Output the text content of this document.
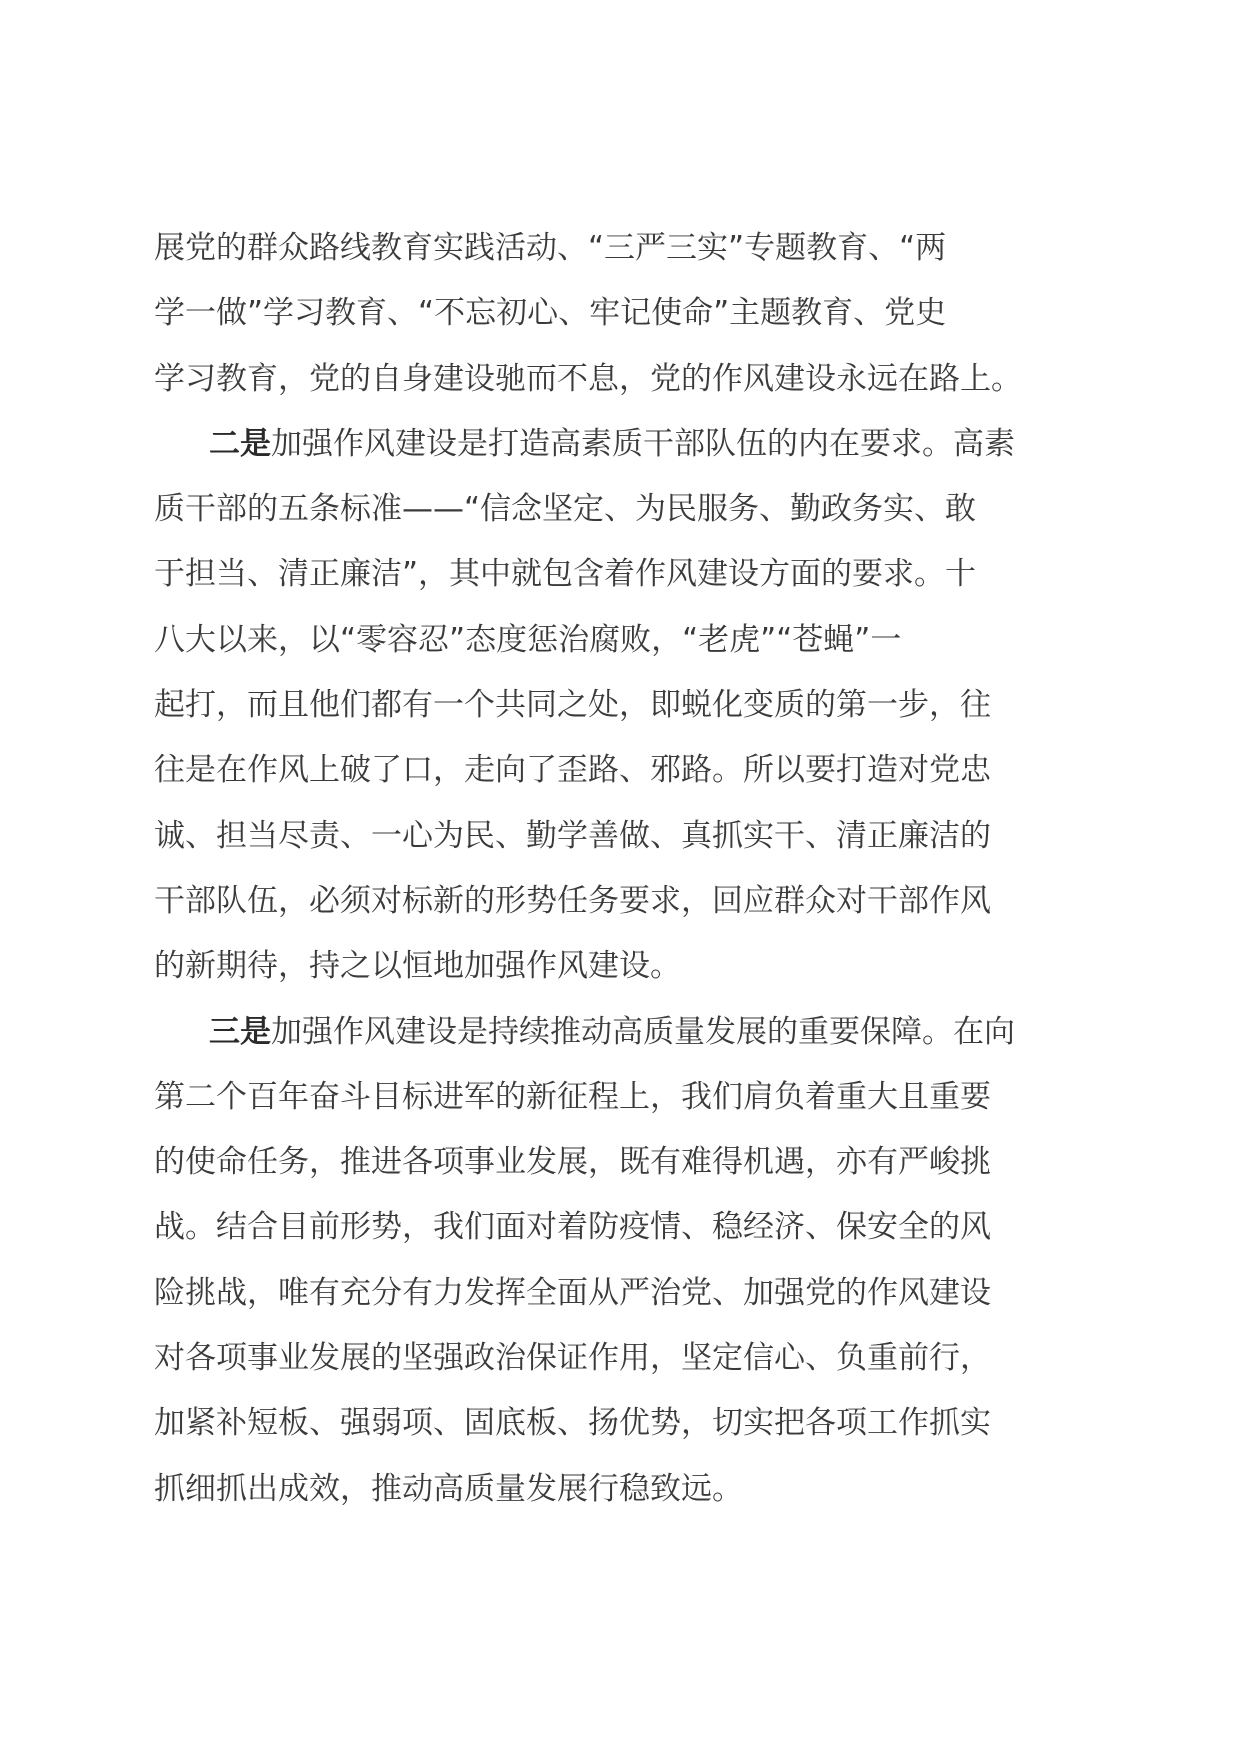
展党的群众路线教育实践活动、“三严三实”专题教育、“两
学一做”学习教育、“不忘初心、牢记使命”主题教育、党史
学习教育，党的自身建设驰而不息，党的作风建设永远在路上。
二是加强作风建设是打造高素质干部队伍的内在要求。高素
质干部的五条标准——“信念坚定、为民服务、勤政务实、敢
于担当、清正廉洁”，其中就包含着作风建设方面的要求。十
八大以来，以“零容忍”态度惩治腐败，“老虎”“苍蝇”一
起打，而且他们都有一个共同之处，即蜕化变质的第一步，往
往是在作风上破了口，走向了歪路、邪路。所以要打造对党忠
诚、担当尽责、一心为民、勤学善做、真抓实干、清正廉洁的
干部队伍，必须对标新的形势任务要求，回应群众对干部作风
的新期待，持之以恒地加强作风建设。
三是加强作风建设是持续推动高质量发展的重要保障。在向
第二个百年奋斗目标进军的新征程上，我们肩负着重大且重要
的使命任务，推进各项事业发展，既有难得机遇，亦有严峻挑
战。结合目前形势，我们面对着防疫情、稳经济、保安全的风
险挑战，唯有充分有力发挥全面从严治党、加强党的作风建设
对各项事业发展的坚强政治保证作用，坚定信心、负重前行，
加紧补短板、强弱项、固底板、扬优势，切实把各项工作抓实
抓细抓出成效，推动高质量发展行稳致远。
